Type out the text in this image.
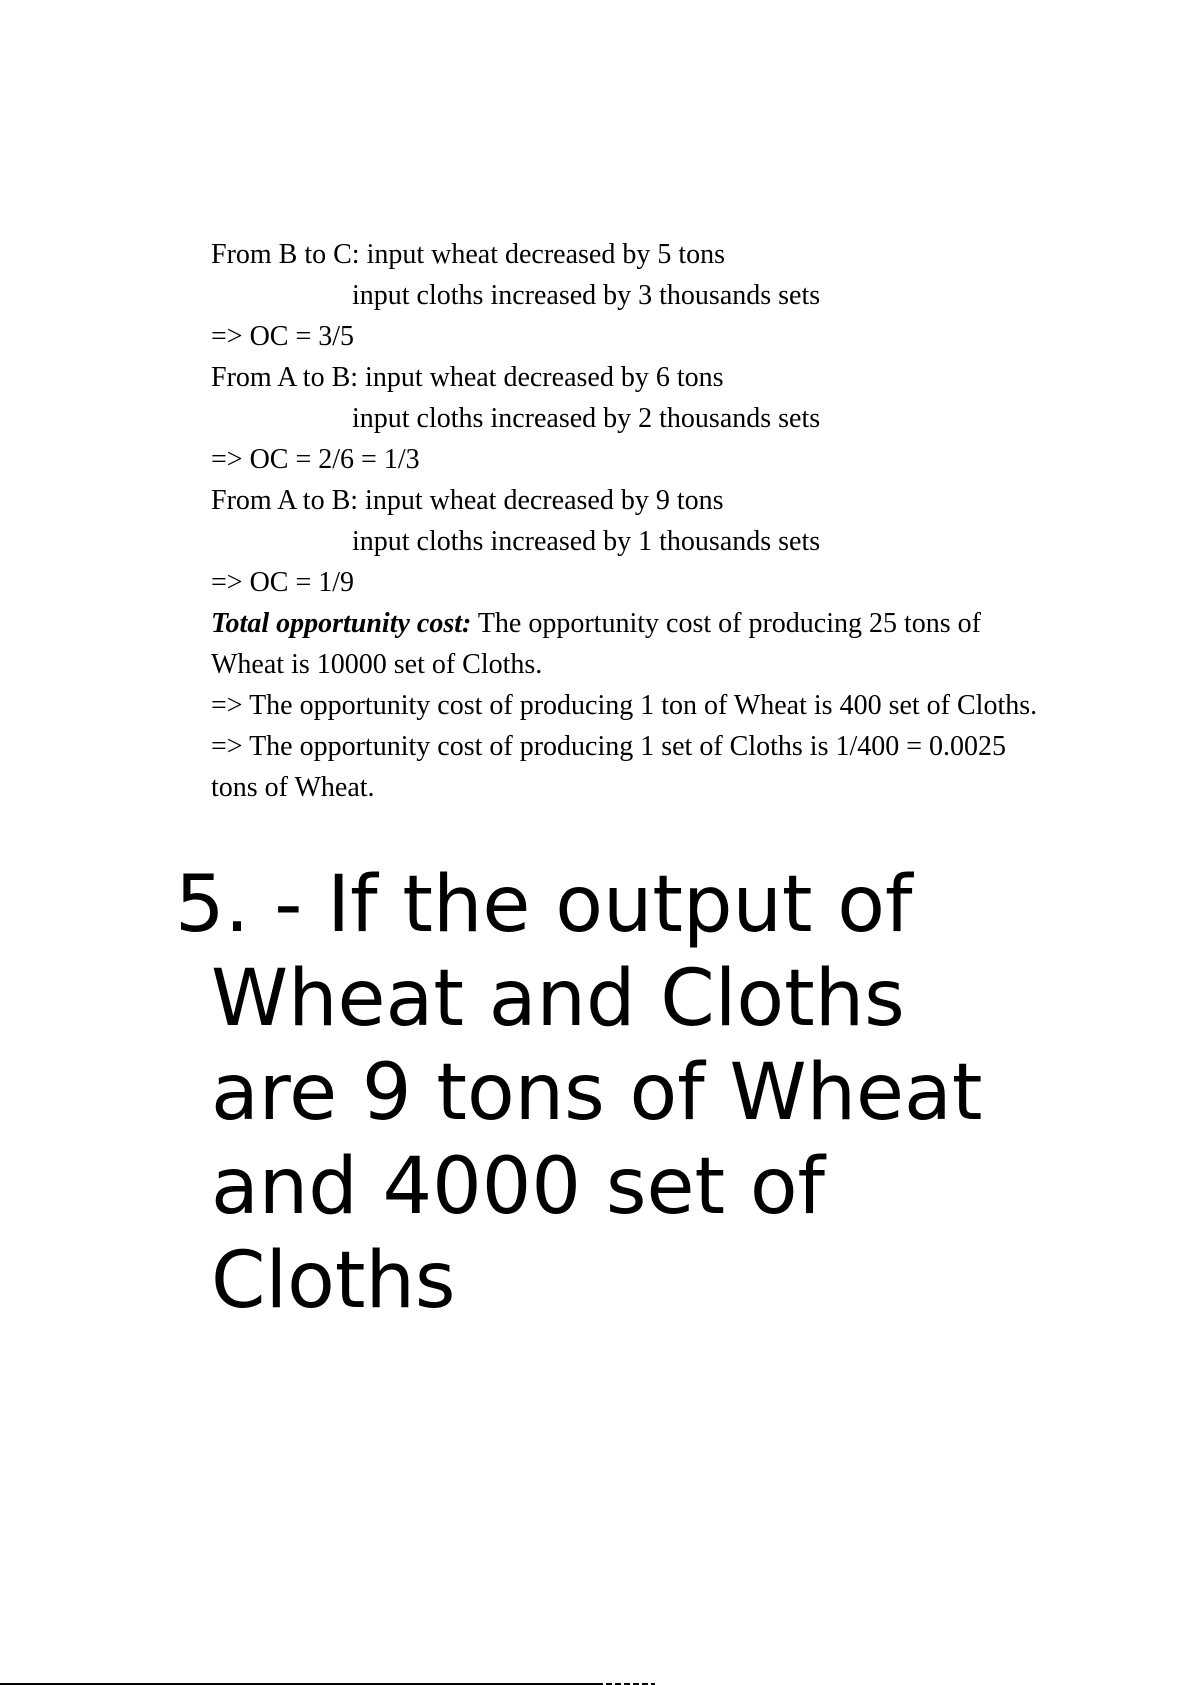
From B to C: input wheat decreased by 5 tons

input cloths increased by 3 thousands sets

=> OC = 3/5

From A to B: input wheat decreased by 6 tons

input cloths increased by 2 thousands sets

=> OC = 2/6 = 1/3

From A to B: input wheat decreased by 9 tons

input cloths increased by 1 thousands sets

=> OC = 1/9

Total opportunity cost: The opportunity cost of producing 25 tons of Wheat is 10000 set of Cloths.

=> The opportunity cost of producing 1 ton of Wheat is 400 set of Cloths.

=> The opportunity cost of producing 1 set of Cloths is 1/400 = 0.0025 tons of Wheat.

5. - If the output of Wheat and Cloths are 9 tons of Wheat and 4000 set of Cloths
